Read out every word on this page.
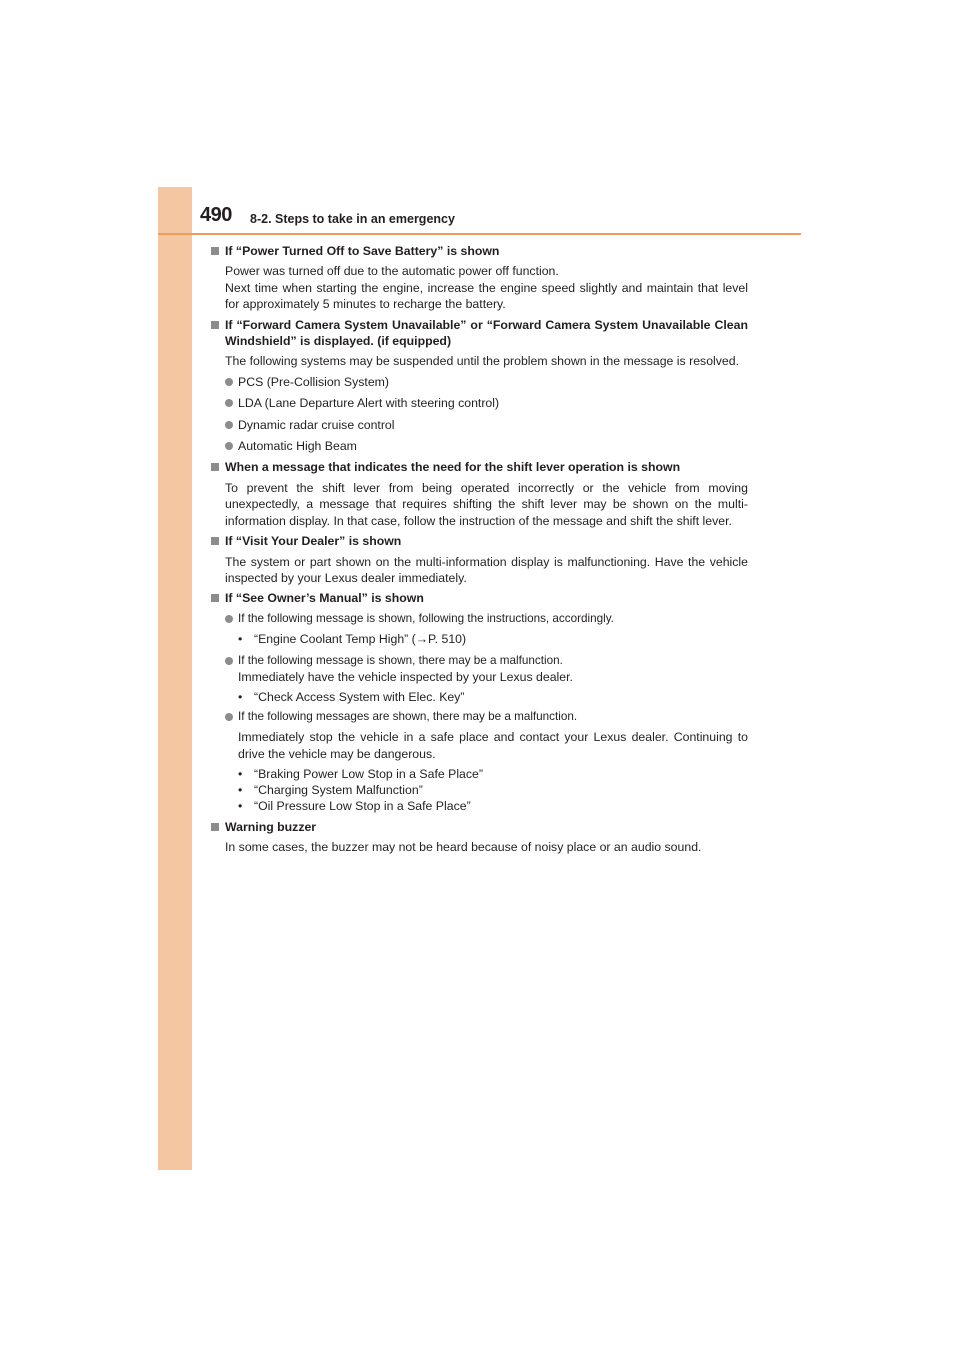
490 8-2. Steps to take in an emergency
If “Power Turned Off to Save Battery” is shown

Power was turned off due to the automatic power off function.

Next time when starting the engine, increase the engine speed slightly and maintain that level for approximately 5 minutes to recharge the battery.

If “Forward Camera System Unavailable” or “Forward Camera System Unavailable Clean Windshield” is displayed. (if equipped)

The following systems may be suspended until the problem shown in the message is resolved.

PCS (Pre-Collision System)
LDA (Lane Departure Alert with steering control)
Dynamic radar cruise control
Automatic High Beam
When a message that indicates the need for the shift lever operation is shown

To prevent the shift lever from being operated incorrectly or the vehicle from moving unexpectedly, a message that requires shifting the shift lever may be shown on the multi-information display. In that case, follow the instruction of the message and shift the shift lever.

If “Visit Your Dealer” is shown

The system or part shown on the multi-information display is malfunctioning. Have the vehicle inspected by your Lexus dealer immediately.

If “See Owner’s Manual” is shown
If the following message is shown, following the instructions, accordingly.
• “Engine Coolant Temp High” (→P. 510)
If the following message is shown, there may be a malfunction.
Immediately have the vehicle inspected by your Lexus dealer.
• “Check Access System with Elec. Key”
If the following messages are shown, there may be a malfunction.
Immediately stop the vehicle in a safe place and contact your Lexus dealer. Continuing to drive the vehicle may be dangerous.
• “Braking Power Low Stop in a Safe Place”
• “Charging System Malfunction”
• “Oil Pressure Low Stop in a Safe Place”
Warning buzzer

In some cases, the buzzer may not be heard because of noisy place or an audio sound.
